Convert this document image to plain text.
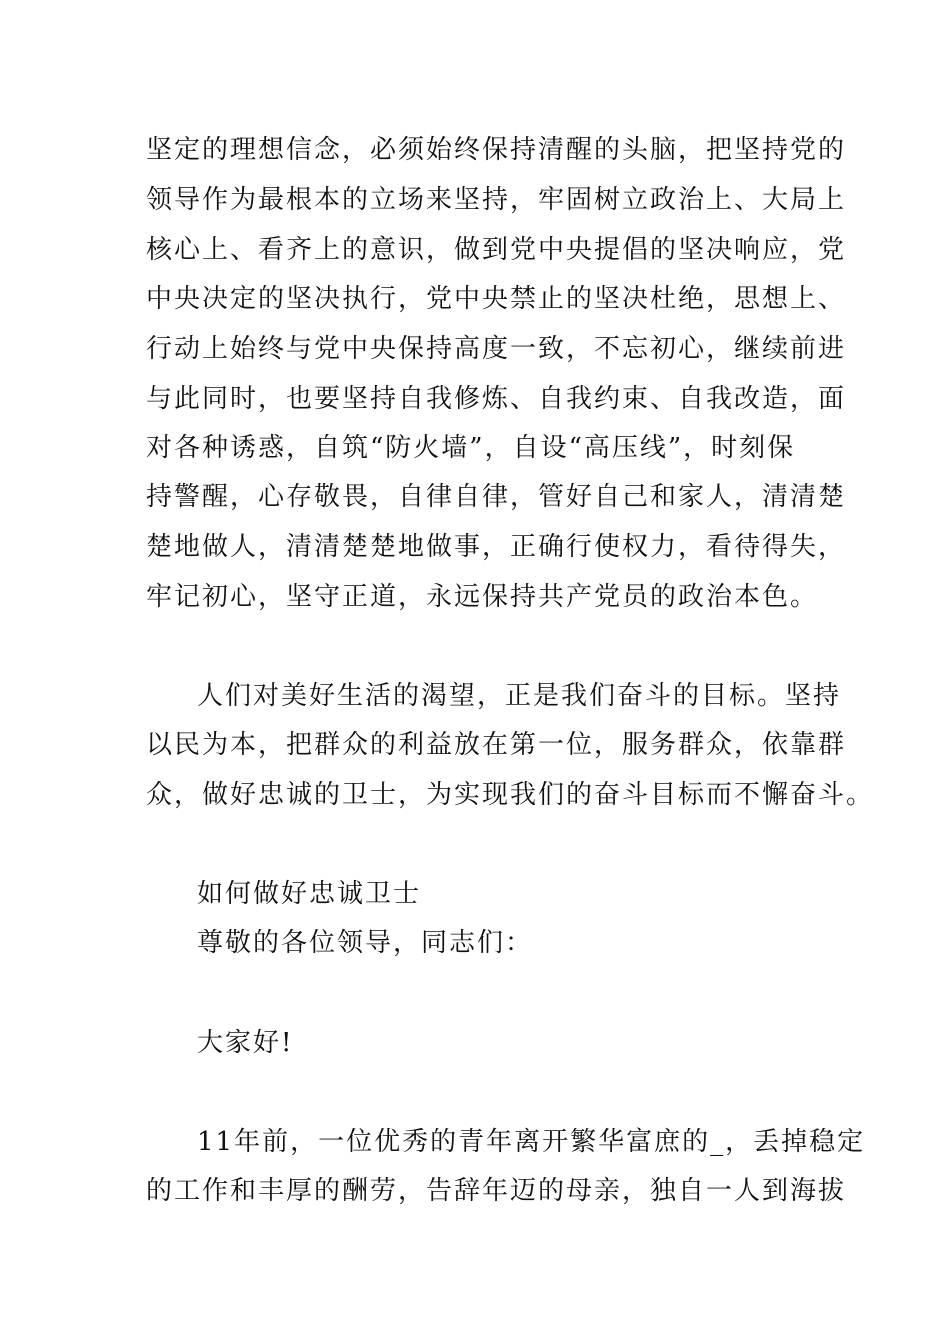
坚定的理想信念，必须始终保持清醒的头脑，把坚持党的
领导作为最根本的立场来坚持，牢固树立政治上、大局上
核心上、看齐上的意识，做到党中央提倡的坚决响应，党
中央决定的坚决执行，党中央禁止的坚决杜绝，思想上、
行动上始终与党中央保持高度一致，不忘初心，继续前进
与此同时，也要坚持自我修炼、自我约束、自我改造，面
对各种诱惑，自筑“防火墙”，自设“高压线”，时刻保
持警醒，心存敬畏，自律自律，管好自己和家人，清清楚
楚地做人，清清楚楚地做事，正确行使权力，看待得失，
牢记初心，坚守正道，永远保持共产党员的政治本色。
人们对美好生活的渴望，正是我们奋斗的目标。坚持
以民为本，把群众的利益放在第一位，服务群众，依靠群
众，做好忠诚的卫士，为实现我们的奋斗目标而不懈奋斗。
如何做好忠诚卫士
尊敬的各位领导，同志们：
大家好!
11年前，一位优秀的青年离开繁华富庶的_，丢掉稳定
的工作和丰厚的酬劳，告辞年迈的母亲，独自一人到海拔
